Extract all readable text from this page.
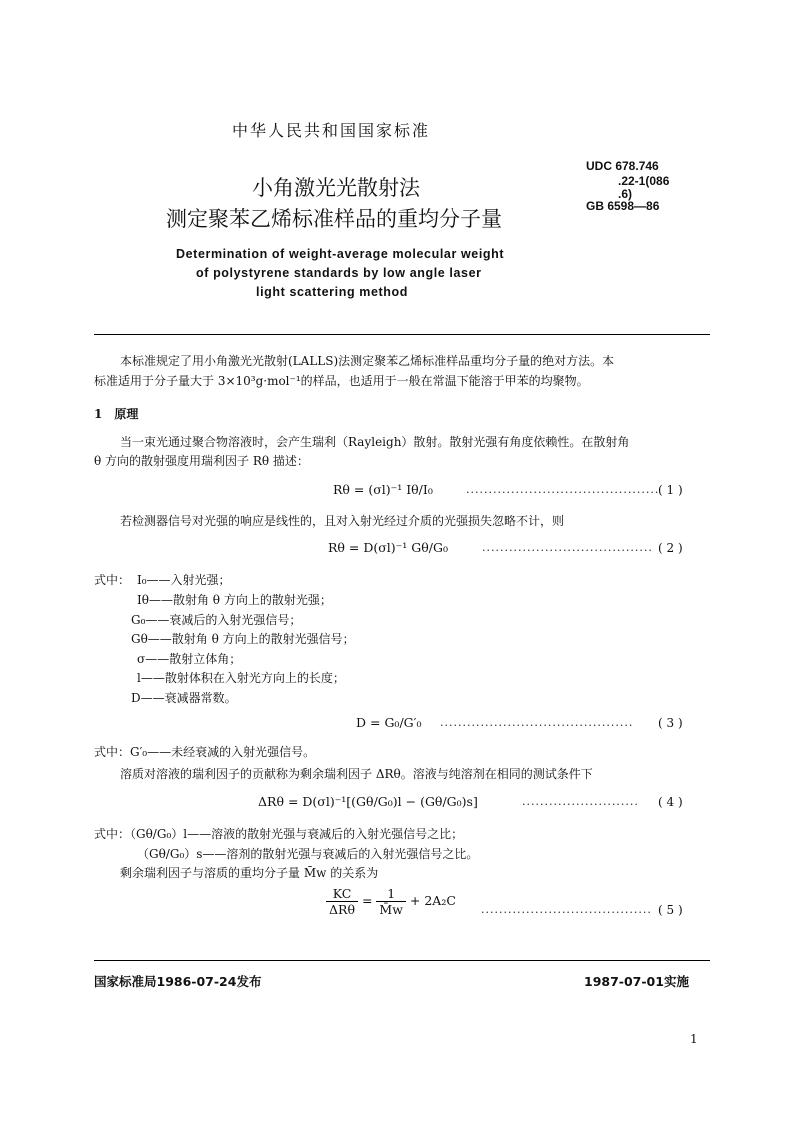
中华人民共和国国家标准
小角激光光散射法
测定聚苯乙烯标准样品的重均分子量
Determination of weight-average molecular weight
of polystyrene standards by low angle laser
light scattering method
UDC 678.746
.22-1(086
.6)
GB 6598—86
本标准规定了用小角激光光散射(LALLS)法测定聚苯乙烯标准样品重均分子量的绝对方法。本
标准适用于分子量大于 3×10³g·mol⁻¹的样品，也适用于一般在常温下能溶于甲苯的均聚物。
1　原理
当一束光通过聚合物溶液时，会产生瑞利（Rayleigh）散射。散射光强有角度依赖性。在散射角
θ 方向的散射强度用瑞利因子 Rθ 描述：
Rθ = (σl)⁻¹ Iθ/I₀	...........................................
( 1 )
若检测器信号对光强的响应是线性的，且对入射光经过介质的光强损失忽略不计，则
Rθ = D(σl)⁻¹ Gθ/G₀	...................................... ( 2 )
式中： I₀——入射光强；
Iθ——散射角 θ 方向上的散射光强；
G₀——衰减后的入射光强信号；
Gθ——散射角 θ 方向上的散射光强信号；
σ——散射立体角；
l——散射体积在入射光方向上的长度；
D——衰减器常数。
D = G₀/G′₀ ........................................... ( 3 )
式中：G′₀——未经衰减的入射光强信号。
溶质对溶液的瑞利因子的贡献称为剩余瑞利因子 ΔRθ。溶液与纯溶剂在相同的测试条件下
ΔRθ = D(σl)⁻¹[(Gθ/G₀)l − (Gθ/G₀)s]	.......................... ( 4 )
式中：（Gθ/G₀）l——溶液的散射光强与衰减后的入射光强信号之比；
（Gθ/G₀）s——溶剂的散射光强与衰减后的入射光强信号之比。
剩余瑞利因子与溶质的重均分子量 M̄w 的关系为
$\frac{KC}{\text{ΔRθ}} = \frac{1}{M̄w} + 2A_2C$
...................................... ( 5 )
国家标准局1986-07-24发布	1987-07-01实施
1
